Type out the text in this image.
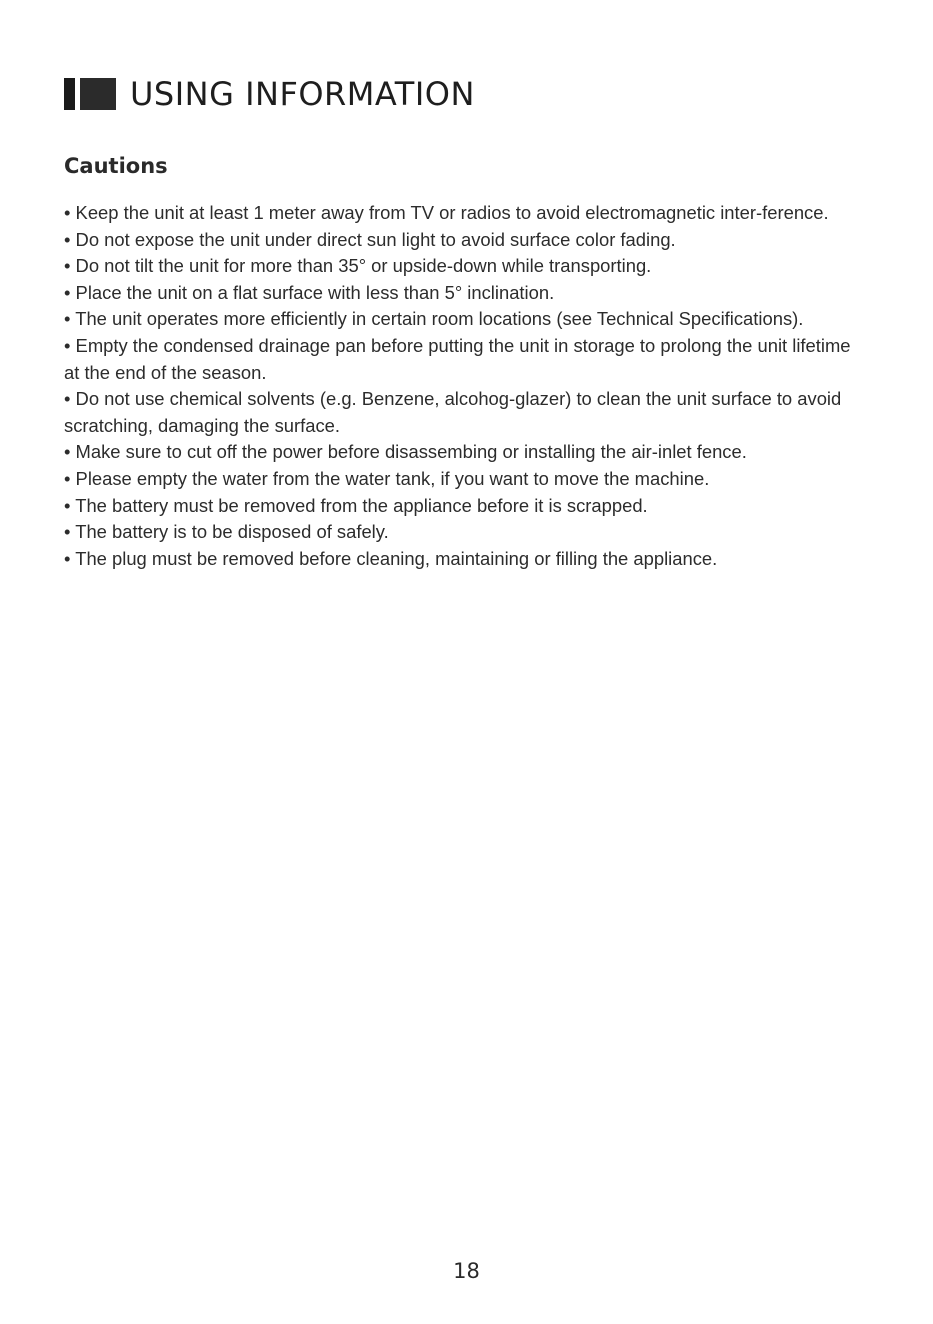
USING INFORMATION
Cautions
• Keep the unit at least 1 meter away from TV or radios to avoid electromagnetic inter-ference.
• Do not expose the unit under direct sun light to avoid surface color fading.
• Do not tilt the unit for more than 35° or upside-down while transporting.
• Place the unit on a flat surface with less than 5° inclination.
• The unit operates more efficiently in certain room locations (see Technical Specifications).
• Empty the condensed drainage pan before putting the unit in storage to prolong the unit lifetime at the end of the season.
• Do not use chemical solvents (e.g. Benzene, alcohog-glazer) to clean the unit surface to avoid scratching, damaging the surface.
• Make sure to cut off the power before disassembing or installing the air-inlet fence.
• Please empty the water from the water tank, if you want to move the machine.
• The battery must be removed from the appliance before it is scrapped.
• The battery is to be disposed of safely.
• The plug must be removed before cleaning, maintaining or filling the appliance.
18
